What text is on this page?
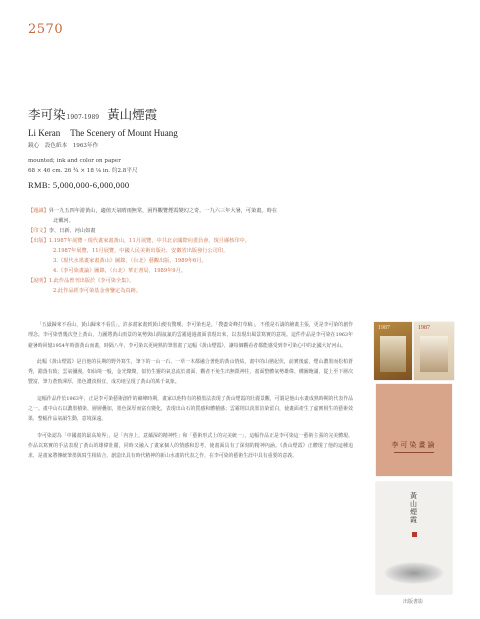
2570
李可染1907-1989 黃山煙霞
Li Keran The Scenery of Mount Huang
鏡心　設色紙本　1963年作
mounted; ink and color on paper
68 × 46 cm. 26 ¾ × 18 ⅛ in. 約2.8平尺
RMB: 5,000,000-6,000,000
【題識】昇一九五四年游黃山，適值天氣晴雨無常，困得觀覽煙霞變幻之奇。一九六三年大暑，可染畫。時在
北戴河。
【印文】李、日新、河山如畫
【出版】1.1987年展覽・現代畫家畫黃山，11月展覽，中共北京國際向委員會，復旦縣核印中。
2.1987年展覽，11月展覽，中國人民美術出版社，安徽省出版發行公司印。
3.《現代水墨畫家畫黃山》圖錄，（台北）藝觀出版，1989年6月。
4.《李可染畫論》圖錄，（台北）華正書局，1989年9月。
【說明】1.此作品曾刊出版於《李可染全集》。
2.此作品經李可染基金會鑒定為真跡。

「五嶽歸來不看山，黃山歸來不看岳」。許多畫家畫到黃山便有驚嘆，李可染也是。「搜盡奇峰打草稿」，不僅是石濤的繪畫主張，更是李可染的創作理念。李可染曾幾次登上黃山，力圖將黃山雨景的氣勢與山間氤氳的雲霧通過畫面表現出來，以表現出風景寫實的意境。這件作品是李可染在1963年避暑時回憶1954年時游黃山而畫，時隔八年，李可染以更純熟的筆墨畫了這幅《黃山煙霞》，讓每個觀看者都能感受到李可染心中的北國大好河山。

此幅《黃山煙霞》是自他的長期的野外寫生，筆下的一山一石、一草一木都融合著他的黃山情結。畫中的山巒起伏，前實後虛，煙山濃墨而松柏蒼秀，錯落有致；雲氣彌漫，如仙境一般，金光燦燦，似彷生靈的氣息流於畫面，觀者不免生出無限神往，畫面整體氣勢雄偉、構圖飽滿，從上至下層次豐富，筆力蒼勁渾厚，墨色濃淡相宜，成功地呈現了黃山的萬千氣象。

這幅作品作於1963年，正是李可染藝術創作的巔峰時期，畫家以他特有的積墨法表現了黃山煙霞的壯麗景觀，可謂是他山水畫成熟時期的代表作品之一。畫中山石以濃墨積染，層層疊加，墨色深厚而富有變化，表現出山石的質感和體積感；雲霧則以淡墨渲染留白，使畫面產生了虛實相生的藝術效果，整幅作品氣韻生動，意境深遠。

李可染認為「中國畫的最高境界」，是「内容上，意蘊深的精神性」和「藝術形式上的完美統一」，這幅作品正是李可染這一藝術主張的完美體現。作品以寫實的手法表現了黃山的雄偉壯麗，同時又融入了畫家個人的情感和思考，使畫面具有了深刻的精神內涵。《黃山煙霞》正體現了他的這種追求，是畫家將傳統筆墨與寫生相結合，創造出具有時代精神的新山水畫的代表之作，在李可染的藝術生涯中具有重要的意義。

1987	1987
李可染畫論
黃山煙霞
出版書影
